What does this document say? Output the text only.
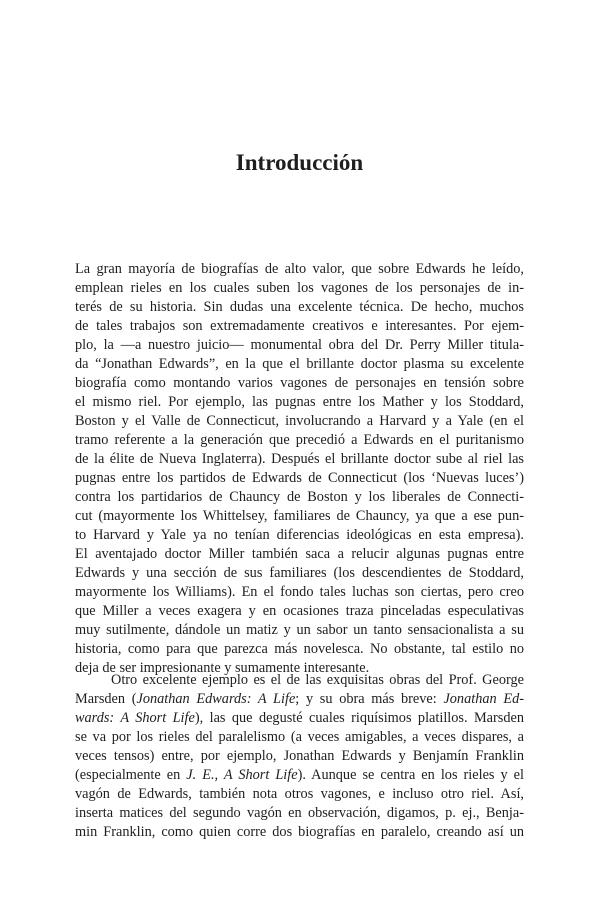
Introducción
La gran mayoría de biografías de alto valor, que sobre Edwards he leído,
emplean rieles en los cuales suben los vagones de los personajes de in-
terés de su historia. Sin dudas una excelente técnica. De hecho, muchos
de tales trabajos son extremadamente creativos e interesantes. Por ejem-
plo, la —a nuestro juicio— monumental obra del Dr. Perry Miller titula-
da “Jonathan Edwards”, en la que el brillante doctor plasma su excelente
biografía como montando varios vagones de personajes en tensión sobre
el mismo riel. Por ejemplo, las pugnas entre los Mather y los Stoddard,
Boston y el Valle de Connecticut, involucrando a Harvard y a Yale (en el
tramo referente a la generación que precedió a Edwards en el puritanismo
de la élite de Nueva Inglaterra). Después el brillante doctor sube al riel las
pugnas entre los partidos de Edwards de Connecticut (los ‘Nuevas luces’)
contra los partidarios de Chauncy de Boston y los liberales de Connecti-
cut (mayormente los Whittelsey, familiares de Chauncy, ya que a ese pun-
to Harvard y Yale ya no tenían diferencias ideológicas en esta empresa).
El aventajado doctor Miller también saca a relucir algunas pugnas entre
Edwards y una sección de sus familiares (los descendientes de Stoddard,
mayormente los Williams). En el fondo tales luchas son ciertas, pero creo
que Miller a veces exagera y en ocasiones traza pinceladas especulativas
muy sutilmente, dándole un matiz y un sabor un tanto sensacionalista a su
historia, como para que parezca más novelesca. No obstante, tal estilo no
deja de ser impresionante y sumamente interesante.
Otro excelente ejemplo es el de las exquisitas obras del Prof. George
Marsden (Jonathan Edwards: A Life; y su obra más breve: Jonathan Ed-
wards: A Short Life), las que degusté cuales riquísimos platillos. Marsden
se va por los rieles del paralelismo (a veces amigables, a veces dispares, a
veces tensos) entre, por ejemplo, Jonathan Edwards y Benjamín Franklin
(especialmente en J. E., A Short Life). Aunque se centra en los rieles y el
vagón de Edwards, también nota otros vagones, e incluso otro riel. Así,
inserta matices del segundo vagón en observación, digamos, p. ej., Benja-
min Franklin, como quien corre dos biografías en paralelo, creando así un
